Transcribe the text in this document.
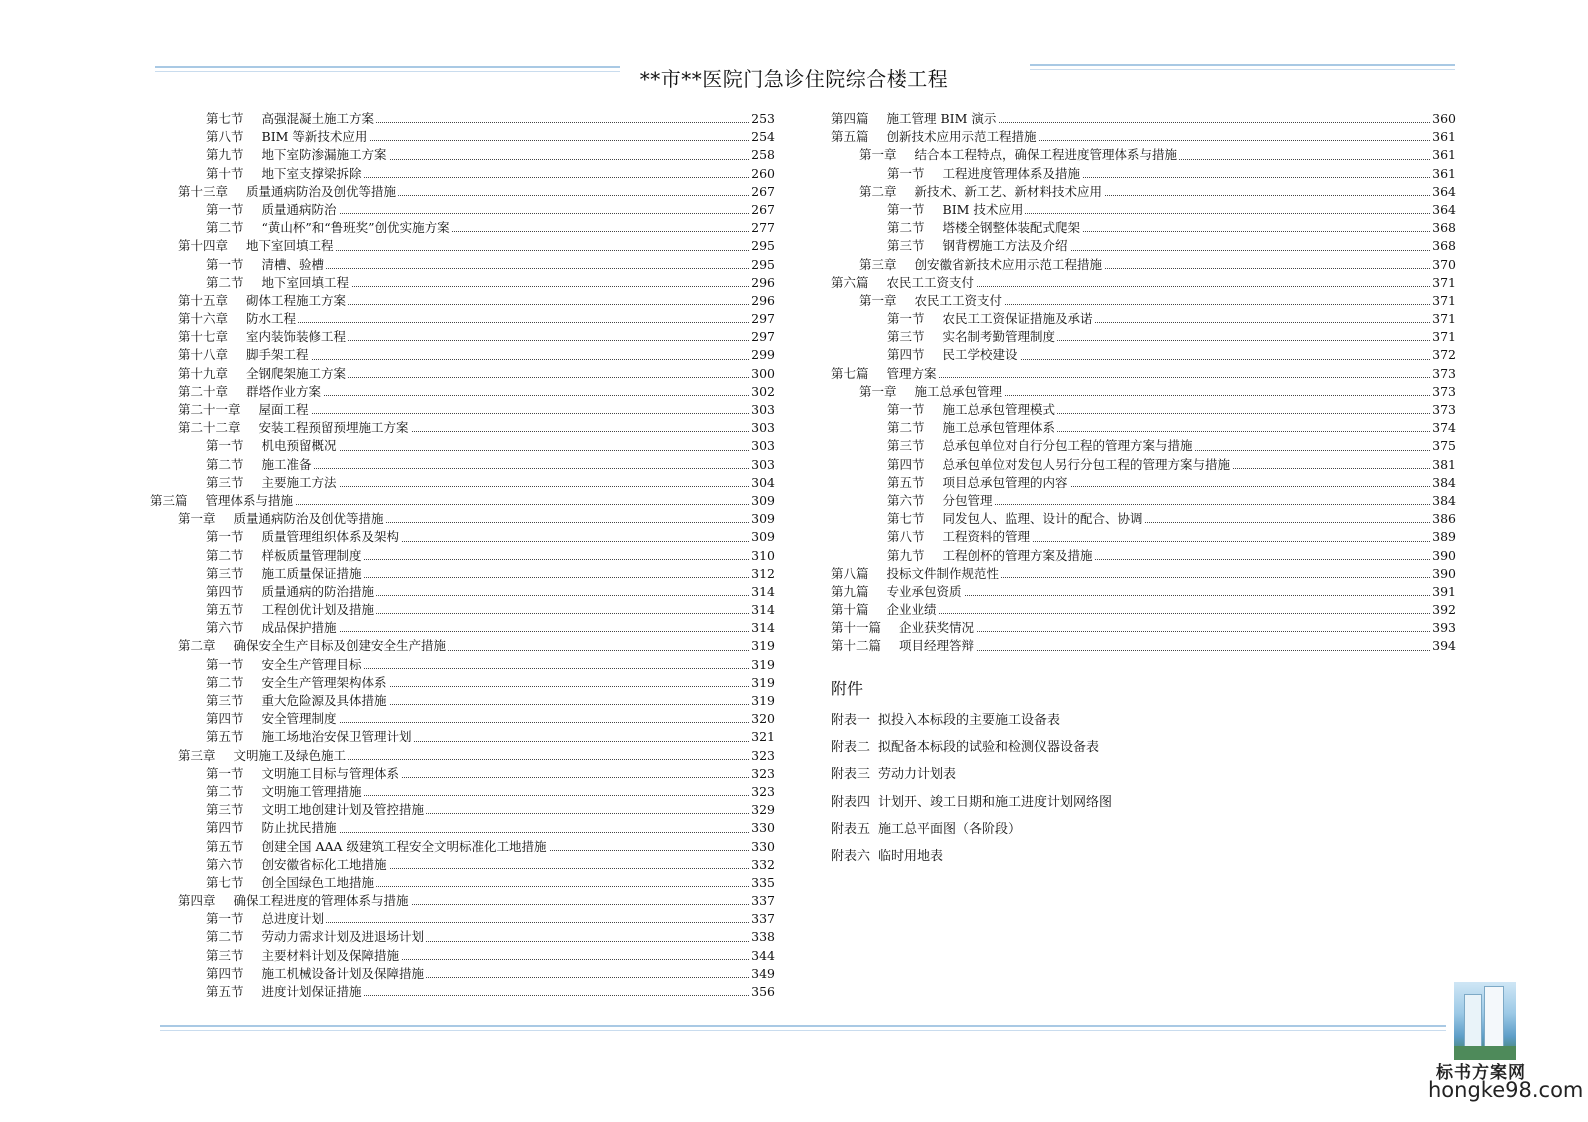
**市**医院门急诊住院综合楼工程
第七节 高强混凝土施工方案	253
第八节 BIM 等新技术应用	254
第九节 地下室防渗漏施工方案	258
第十节 地下室支撑梁拆除	260
第十三章 质量通病防治及创优等措施	267
第一节 质量通病防治	267
第二节 “黄山杯”和“鲁班奖”创优实施方案	277
第十四章 地下室回填工程	295
第一节 清槽、验槽	295
第二节 地下室回填工程	296
第十五章 砌体工程施工方案	296
第十六章 防水工程	297
第十七章 室内装饰装修工程	297
第十八章 脚手架工程	299
第十九章 全钢爬架施工方案	300
第二十章 群塔作业方案	302
第二十一章 屋面工程	303
第二十二章 安装工程预留预埋施工方案	303
第一节 机电预留概况	303
第二节 施工准备	303
第三节 主要施工方法	304
第三篇 管理体系与措施	309
第一章 质量通病防治及创优等措施	309
第一节 质量管理组织体系及架构	309
第二节 样板质量管理制度	310
第三节 施工质量保证措施	312
第四节 质量通病的防治措施	314
第五节 工程创优计划及措施	314
第六节 成品保护措施	314
第二章 确保安全生产目标及创建安全生产措施	319
第一节 安全生产管理目标	319
第二节 安全生产管理架构体系	319
第三节 重大危险源及具体措施	319
第四节 安全管理制度	320
第五节 施工场地治安保卫管理计划	321
第三章 文明施工及绿色施工	323
第一节 文明施工目标与管理体系	323
第二节 文明施工管理措施	323
第三节 文明工地创建计划及管控措施	329
第四节 防止扰民措施	330
第五节 创建全国 AAA 级建筑工程安全文明标准化工地措施	330
第六节 创安徽省标化工地措施	332
第七节 创全国绿色工地措施	335
第四章 确保工程进度的管理体系与措施	337
第一节 总进度计划	337
第二节 劳动力需求计划及进退场计划	338
第三节 主要材料计划及保障措施	344
第四节 施工机械设备计划及保障措施	349
第五节 进度计划保证措施	356
第四篇 施工管理 BIM 演示	360
第五篇 创新技术应用示范工程措施	361
第一章 结合本工程特点，确保工程进度管理体系与措施	361
第一节 工程进度管理体系及措施	361
第二章 新技术、新工艺、新材料技术应用	364
第一节 BIM 技术应用	364
第二节 塔楼全钢整体装配式爬架	368
第三节 钢背楞施工方法及介绍	368
第三章 创安徽省新技术应用示范工程措施	370
第六篇 农民工工资支付	371
第一章 农民工工资支付	371
第一节 农民工工资保证措施及承诺	371
第三节 实名制考勤管理制度	371
第四节 民工学校建设	372
第七篇 管理方案	373
第一章 施工总承包管理	373
第一节 施工总承包管理模式	373
第二节 施工总承包管理体系	374
第三节 总承包单位对自行分包工程的管理方案与措施	375
第四节 总承包单位对发包人另行分包工程的管理方案与措施	381
第五节 项目总承包管理的内容	384
第六节 分包管理	384
第七节 同发包人、监理、设计的配合、协调	386
第八节 工程资料的管理	389
第九节 工程创杯的管理方案及措施	390
第八篇 投标文件制作规范性	390
第九篇 专业承包资质	391
第十篇 企业业绩	392
第十一篇 企业获奖情况	393
第十二篇 项目经理答辩	394
附件
附表一 拟投入本标段的主要施工设备表
附表二 拟配备本标段的试验和检测仪器设备表
附表三 劳动力计划表
附表四 计划开、竣工日期和施工进度计划网络图
附表五 施工总平面图（各阶段）
附表六 临时用地表
标书方案网
hongke98.com
